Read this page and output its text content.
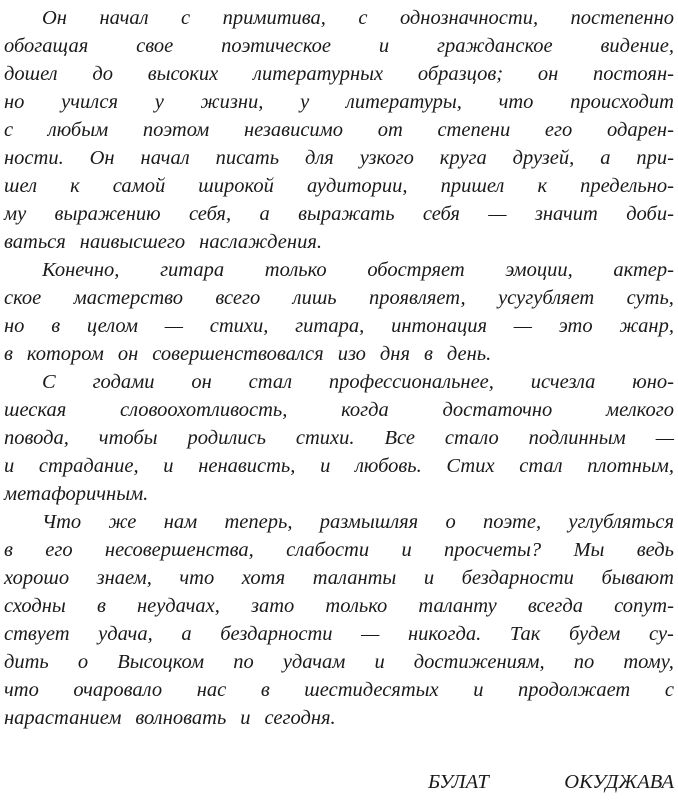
Он начал с примитива, с однозначности, постепенно
обогащая свое поэтическое и гражданское видение,
дошел до высоких литературных образцов; он постоян-
но учился у жизни, у литературы, что происходит
с любым поэтом независимо от степени его одарен-
ности. Он начал писать для узкого круга друзей, а при-
шел к самой широкой аудитории, пришел к предельно-
му выражению себя, а выражать себя — значит доби-
ваться наивысшего наслаждения.
Конечно, гитара только обостряет эмоции, актер-
ское мастерство всего лишь проявляет, усугубляет суть,
но в целом — стихи, гитара, интонация — это жанр,
в котором он совершенствовался изо дня в день.
С годами он стал профессиональнее, исчезла юно-
шеская	словоохотливость,	когда	достаточно	мелкого
повода, чтобы родились стихи. Все стало подлинным —
и страдание, и ненависть, и любовь. Стих стал плотным,
метафоричным.
Что же нам теперь, размышляя о поэте, углубляться
в его несовершенства, слабости и просчеты? Мы ведь
хорошо знаем, что хотя таланты и бездарности бывают
сходны в неудачах, зато только таланту всегда сопут-
ствует удача, а бездарности — никогда. Так будем су-
дить о Высоцком по удачам и достижениям, по тому,
что очаровало нас в шестидесятых и продолжает с
нарастанием волновать и сегодня.
БУЛАТ	ОКУДЖАВА
